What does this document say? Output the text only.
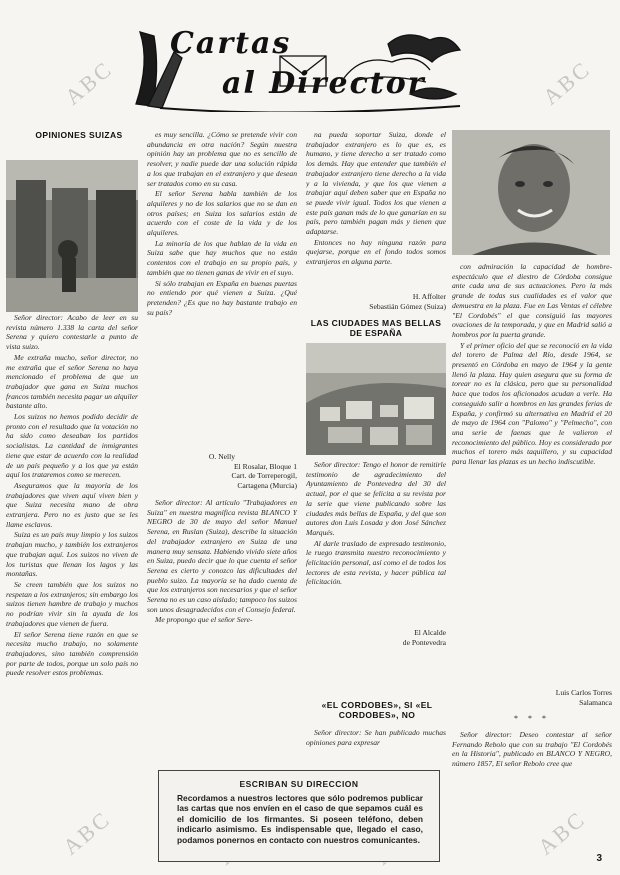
Cartas
al Director
ABC	ABC
ABC	ABC
OPINIONES SUIZAS

Señor director: Acabo de leer en su revista número 1.338 la carta del señor Serena y quiero contestarle a punto de vista suizo.

Me extraña mucho, señor director, no me extraña que el señor Serena no haya mencionado el problema de que un trabajador que gana en Suiza muchos francos también necesita pagar un alquiler bastante alto.

Los suizos no hemos podido decidir de pronto con el resultado que la votación no ha sido como deseaban los partidos socialistas. La cantidad de inmigrantes tiene que estar de acuerdo con la realidad de un país pequeño y a los que ya están aquí los trataremos como se merecen.

Aseguramos que la mayoría de los trabajadores que viven aquí viven bien y que Suiza necesita mano de obra extranjera. Pero no es justo que se les llame esclavos.

Suiza es un país muy limpio y los suizos trabajan mucho, y también los extranjeros que trabajan aquí. Los suizos no viven de los turistas que llenan los lagos y las montañas.

Se creen también que los suizos no respetan a los extranjeros; sin embargo los suizos tienen hambre de trabajo y muchos no podrían vivir sin la ayuda de los trabajadores que vienen de fuera.

El señor Serena tiene razón en que se necesita mucho trabajo, no solamente trabajadores, sino también comprensión por parte de todos, porque un solo país no puede resolver estos problemas.

es muy sencilla. ¿Cómo se pretende vivir con abundancia en otra nación? Según nuestra opinión hay un problema que no es sencillo de resolver, y nadie puede dar una solución rápida a los que trabajan en el extranjero y que desean ser tratados como en su casa.

El señor Serena habla también de los alquileres y no de los salarios que no se dan en otros países; en Suiza los salarios están de acuerdo con el coste de la vida y de los alquileres.

La minoría de los que hablan de la vida en Suiza sabe que hay muchos que no están contentos con el trabajo en su propio país, y también que no tienen ganas de vivir en el suyo.

Si sólo trabajan en España en buenas puertas no entiendo por qué vienen a Suiza. ¿Qué pretenden? ¿Es que no hay bastante trabajo en su país?

O. Nelly
El Rosalar, Bloque 1
Cart. de Torreperogil,
Cartagena (Murcia)

Señor director: Al artículo "Trabajadores en Suiza" en nuestra magnífica revista BLANCO Y NEGRO de 30 de mayo del señor Manuel Serena, en Ruslan (Suiza), describe la situación del trabajador extranjero en Suiza de una manera muy sensata. Habiendo vivido siete años en Suiza, puedo decir que lo que cuenta el señor Serena es cierto y conozco las dificultades del pueblo suizo. La mayoría se ha dado cuenta de que los extranjeros son necesarios y que el señor Serena no es un caso aislado; tampoco los suizos son unos desagradecidos con el Consejo federal.

Me propongo que el señor Sere-

na pueda soportar Suiza, donde el trabajador extranjero es lo que es, es humano, y tiene derecho a ser tratado como los demás. Hay que entender que también el trabajador extranjero tiene derecho a la vida y a la vivienda, y que los que vienen a trabajar aquí deben saber que en España no se puede vivir igual. Todos los que vienen a este país ganan más de lo que ganarían en su país, pero también pagan más y tienen que adaptarse.

Entonces no hay ninguna razón para quejarse, porque en el fondo todos somos extranjeros en alguna parte.

H. Affolter
Sebastián Gómez (Suiza)
LAS CIUDADES MAS BELLAS DE ESPAÑA

Señor director: Tengo el honor de remitirle testimonio de agradecimiento del Ayuntamiento de Pontevedra del 30 del actual, por el que se felicita a su revista por la serie que viene publicando sobre las ciudades más bellas de España, y del que son autores don Luis Losada y don José Sánchez Marqués.

Al darle traslado de expresado testimonio, le ruego transmita nuestro reconocimiento y felicitación personal, así como el de todos los lectores de esta revista, y hacer pública tal felicitación.

El Alcalde
de Pontevedra
«EL CORDOBES», SI «EL CORDOBES», NO

Señor director: Se han publicado muchas opiniones para expresar

con admiración la capacidad de hombre-espectáculo que el diestro de Córdoba consigue ante cada una de sus actuaciones. Pero la más grande de todas sus cualidades es el valor que demuestra en la plaza. Fue en Las Ventas el célebre "El Cordobés" el que consiguió las mayores ovaciones de la temporada, y que en Madrid salió a hombros por la puerta grande.

Y el primer oficio del que se reconoció en la vida del torero de Palma del Río, desde 1964, se presentó en Córdoba en mayo de 1964 y la gente llenó la plaza. Hay quien asegura que su forma de torear no es la clásica, pero que su personalidad hace que todos los aficionados acudan a verle. Ha conseguido salir a hombros en las grandes ferias de España, y confirmó su alternativa en Madrid el 20 de mayo de 1964 con "Palomo" y "Pelmecho", con una serie de faenas que le valieron el reconocimiento del público. Hoy es considerado por muchos el torero más taquillero, y su capacidad para llenar las plazas es un hecho indiscutible.

Luis Carlos Torres
Salamanca
* * *

Señor director: Deseo contestar al señor Fernando Rebolo que con su trabajo "El Cordobés en la Historia", publicado en BLANCO Y NEGRO, número 1857, El señor Rebolo cree que

ESCRIBAN SU DIRECCION
Recordamos a nuestros lectores que sólo podremos publicar las cartas que nos envíen en el caso de que sepamos cuál es el domicilio de los firmantes. Si poseen teléfono, deben indicarlo asimismo. Es indispensable que, llegado el caso, podamos ponernos en contacto con nuestros comunicantes.
3
